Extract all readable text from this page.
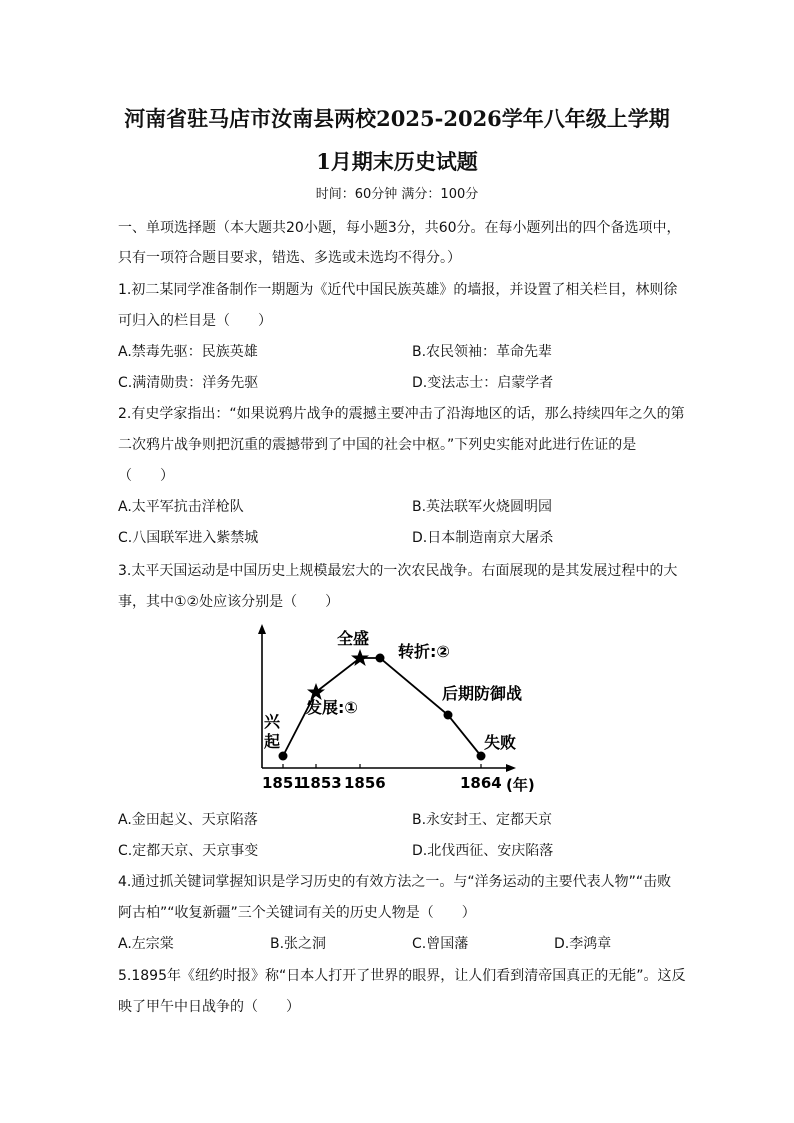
河南省驻马店市汝南县两校2025-2026学年八年级上学期
1月期末历史试题
时间：60分钟 满分：100分
一、单项选择题（本大题共20小题，每小题3分，共60分。在每小题列出的四个备选项中，
只有一项符合题目要求，错选、多选或未选均不得分。）
1.初二某同学准备制作一期题为《近代中国民族英雄》的墙报，并设置了相关栏目，林则徐
可归入的栏目是（　　）
A.禁毒先驱：民族英雄	B.农民领袖：革命先辈
C.满清勋贵：洋务先驱	D.变法志士：启蒙学者
2.有史学家指出：“如果说鸦片战争的震撼主要冲击了沿海地区的话，那么持续四年之久的第
二次鸦片战争则把沉重的震撼带到了中国的社会中枢。”下列史实能对此进行佐证的是
（　　）
A.太平军抗击洋枪队	B.英法联军火烧圆明园
C.八国联军进入紫禁城	D.日本制造南京大屠杀
3.太平天国运动是中国历史上规模最宏大的一次农民战争。右面展现的是其发展过程中的大
事，其中①②处应该分别是（　　）
兴
起
发展:①
全盛
转折:②
后期防御战
失败
1851
1853 1856	1864 (年)
A.金田起义、天京陷落	B.永安封王、定都天京
C.定都天京、天京事变	D.北伐西征、安庆陷落
4.通过抓关键词掌握知识是学习历史的有效方法之一。与“洋务运动的主要代表人物”“击败
阿古柏”“收复新疆”三个关键词有关的历史人物是（　　）
A.左宗棠	B.张之洞	C.曾国藩	D.李鸿章
5.1895年《纽约时报》称“日本人打开了世界的眼界，让人们看到清帝国真正的无能”。这反
映了甲午中日战争的（　　）
